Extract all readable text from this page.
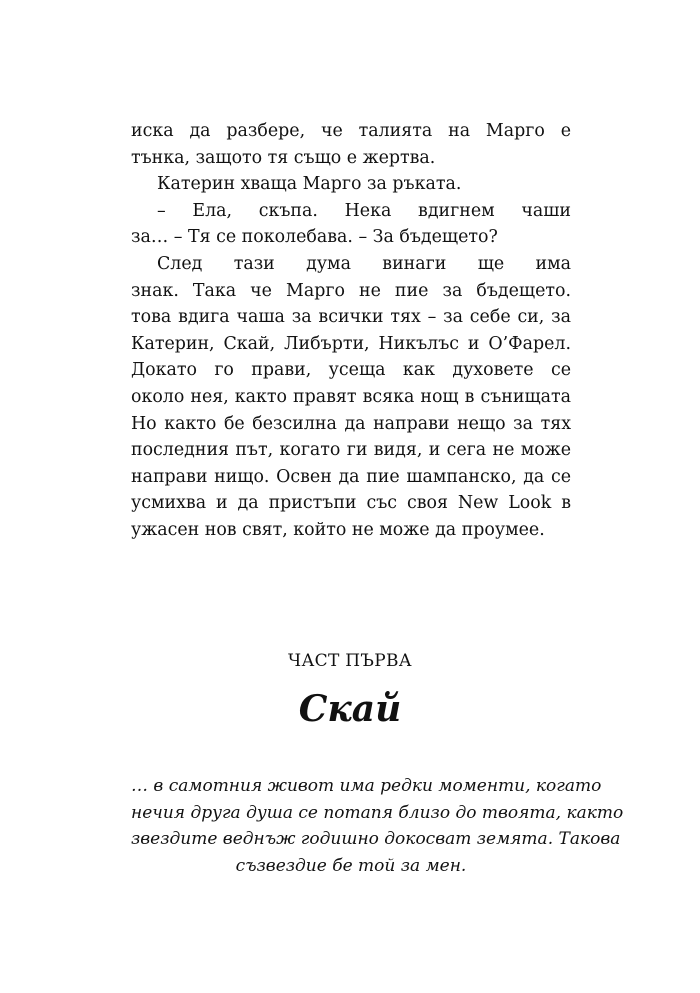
иска да разбере, че талията на Марго е
тънка, защото тя също е жертва.
Катерин хваща Марго за ръката.
– Ела, скъпа. Нека вдигнем чаши
за… – Тя се поколебава. – За бъдещето?
След тази дума винаги ще има
знак. Така че Марго не пие за бъдещето.
това вдига чаша за всички тях – за себе си, за
Катерин, Скай, Либърти, Никълъс и О’Фарел.
Докато го прави, усеща как духовете се
около нея, както правят всяка нощ в сънищата
Но както бе безсилна да направи нещо за тях
последния път, когато ги видя, и сега не може
направи нищо. Освен да пие шампанско, да се
усмихва и да пристъпи със своя New Look в
ужасен нов свят, който не може да проумее.
ЧАСТ ПЪРВА
Скай
… в самотния живот има редки моменти, когато
нечия друга душа се потапя близо до твоята, както
звездите веднъж годишно докосват земята. Такова
съзвездие бе той за мен.
